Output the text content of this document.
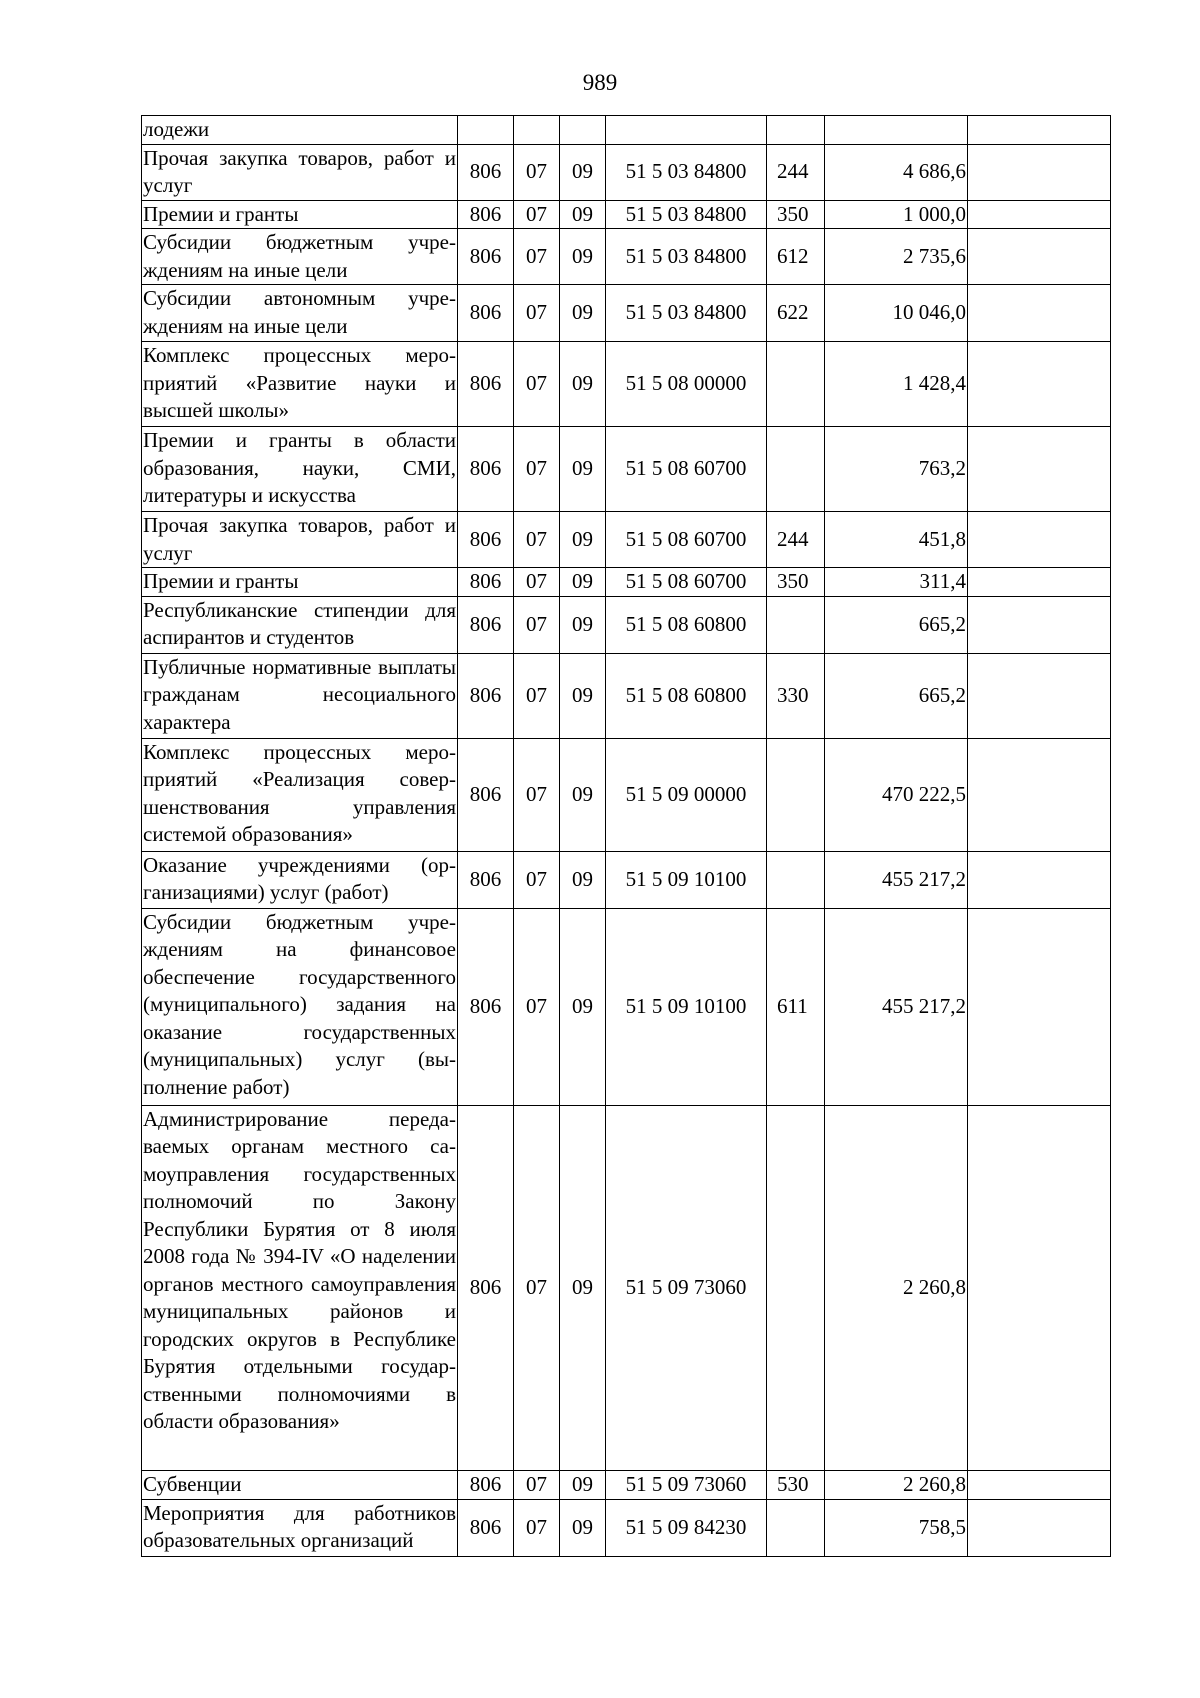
989
лодежи							
Прочая закупка товаров, работ и услуг	806	07	09	51 5 03 84800	244	4 686,6	
Премии и гранты	806	07	09	51 5 03 84800	350	1 000,0	
Субсидии бюджетным учреждениям на иные цели	806	07	09	51 5 03 84800	612	2 735,6	
Субсидии автономным учреждениям на иные цели	806	07	09	51 5 03 84800	622	10 046,0	
Комплекс процессных мероприятий «Развитие науки и высшей школы»	806	07	09	51 5 08 00000		1 428,4	
Премии и гранты в области образования, науки, СМИ, литературы и искусства	806	07	09	51 5 08 60700		763,2	
Прочая закупка товаров, работ и услуг	806	07	09	51 5 08 60700	244	451,8	
Премии и гранты	806	07	09	51 5 08 60700	350	311,4	
Республиканские стипендии для аспирантов и студентов	806	07	09	51 5 08 60800		665,2	
Публичные нормативные выплаты гражданам несоциального характера	806	07	09	51 5 08 60800	330	665,2	
Комплекс процессных мероприятий «Реализация совершенствования управления системой образования»	806	07	09	51 5 09 00000		470 222,5	
Оказание учреждениями (организациями) услуг (работ)	806	07	09	51 5 09 10100		455 217,2	
Субсидии бюджетным учреждениям на финансовое обеспечение государственного (муниципального) задания на оказание государственных (муниципальных) услуг (выполнение работ)	806	07	09	51 5 09 10100	611	455 217,2	
Администрирование передаваемых органам местного самоуправления государственных полномочий по Закону Республики Бурятия от 8 июля 2008 года № 394-IV «О наделении органов местного самоуправления муниципальных районов и городских округов в Республике Бурятия отдельными государственными полномочиями в области образования»	806	07	09	51 5 09 73060		2 260,8	
Субвенции	806	07	09	51 5 09 73060	530	2 260,8	
Мероприятия для работников образовательных организаций	806	07	09	51 5 09 84230		758,5	
